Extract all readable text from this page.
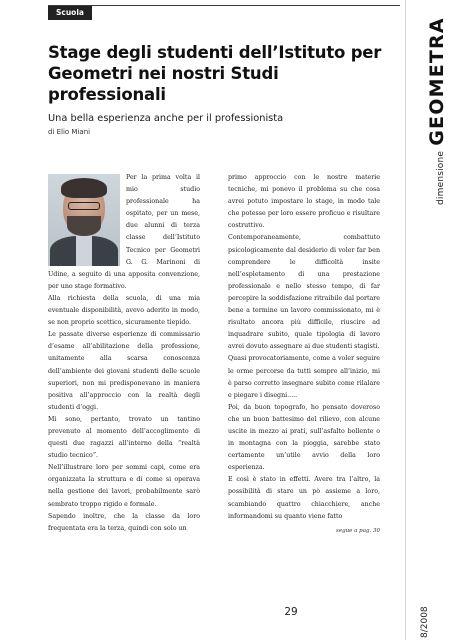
Scuola
Stage degli studenti dell’Istituto per Geometri nei nostri Studi professionali
Una bella esperienza anche per il professionista
di Elio Miani

Per la prima volta il mio studio professionale ha ospitato, per un mese, due alunni di terza classe dell’Istituto Tecnico per Geometri G. G. Marinoni di Udine, a seguito di una apposita convenzione, per uno stage formativo.

Alla richiesta della scuola, di una mia eventuale disponibilità, avevo aderito in modo, se non proprio scettico, sicuramente tiepido.

Le passate diverse esperienze di commissario d’esame all’abilitazione della professione, unitamente alla scarsa conoscenza dell’ambiente dei giovani studenti delle scuole superiori, non mi predisponevano in maniera positiva all’approccio con la realtà degli studenti d’oggi.

Mi sono, pertanto, trovato un tantino prevenuto al momento dell’accoglimento di questi due ragazzi all’interno della “realtà studio tecnico”.

Nell’illustrare loro per sommi capi, come era organizzata la struttura e di come si operava nella gestione dei lavori, probabilmente sarò sembrato troppo rigido e formale.

Sapendo inoltre, che la classe da loro frequentata era la terza, quindi con solo un

primo approccio con le nostre materie tecniche, mi ponevo il problema su che cosa avrei potuto impostare lo stage, in modo tale che potesse per loro essere proficuo e risultare costruttivo.

Contemporaneamente, combattuto psicologicamente dal desiderio di voler far ben comprendere le difficoltà insite nell’espletamento di una prestazione professionale e nello stesso tempo, di far percepire la soddisfazione ritraibile dal portare bene a termine un lavoro commissionato, mi è risultato ancora più difficile, riuscire ad inquadrare subito, quale tipologia di lavoro avrei dovuto assegnare ai due studenti stagisti.

Quasi provocatoriamente, come a voler seguire le orme percorse da tutti sempre all’inizio, mi è parso corretto insegnare subito come rilalare e piegare i disegni.....

Poi, da buon topografo, ho pensato doveroso che un buon battesimo del rilievo, con alcune uscite in mezzo ai prati, sull’asfalto bollente o in montagna con la pioggia, sarebbe stato certamente un’utile avvio della loro esperienza.

E così è stato in effetti. Avere tra l’altro, la possibilità di stare un pò assieme a loro, scambiando quattro chiacchiere, anche informandomi su quanto viene fatto

segue a pag. 30
29
dimensione GEOMETRA
8/2008
